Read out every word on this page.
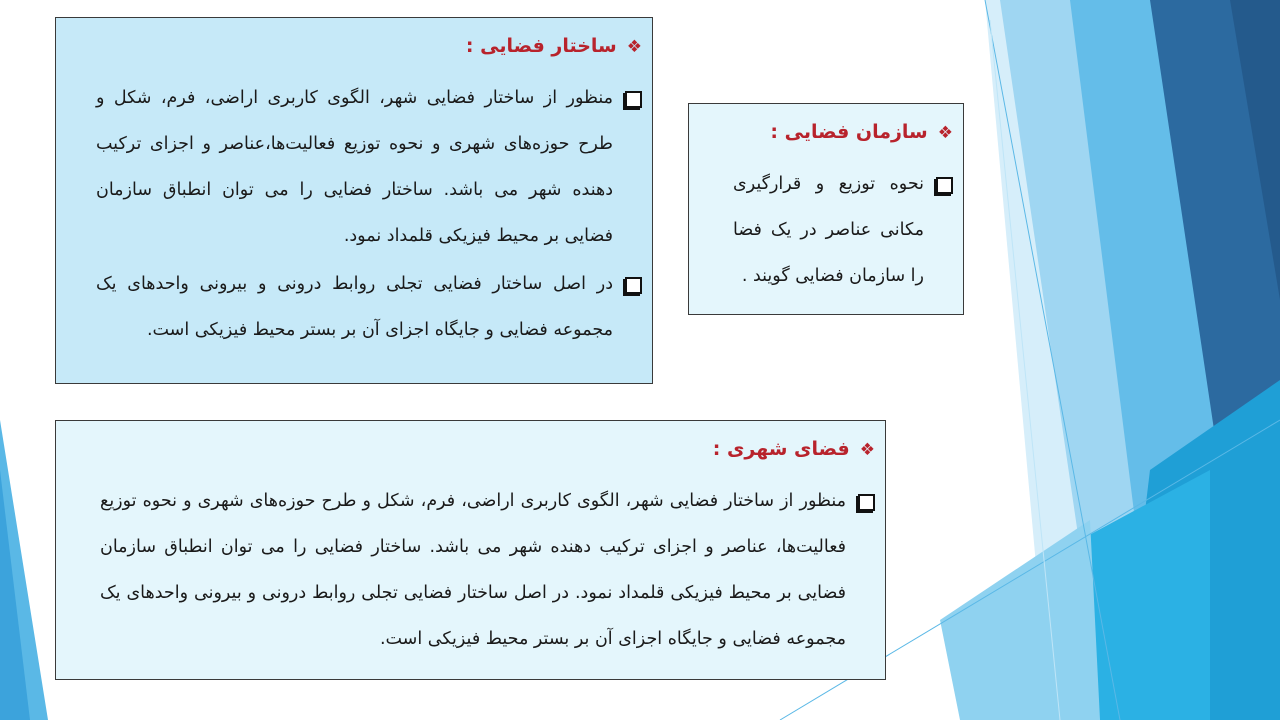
❖ساختار فضایی :
منظور از ساختار فضایی شهر، الگوی کاربری اراضی، فرم، شکل و طرح حوزه‌های شهری و نحوه توزیع فعالیت‌ها،عناصر و اجزای ترکیب دهنده شهر می باشد. ساختار فضایی را می توان انطباق سازمان فضایی بر محیط فیزیکی قلمداد نمود.
در اصل ساختار فضایی تجلی روابط درونی و بیرونی واحدهای یک مجموعه فضایی و جایگاه اجزای آن بر بستر محیط فیزیکی است.
❖سازمان فضایی :
نحوه توزیع و قرارگیری مکانی عناصر در یک فضا را سازمان فضایی گویند .
❖فضای شهری :
منظور از ساختار فضایی شهر، الگوی کاربری اراضی، فرم، شکل و طرح حوزه‌های شهری و نحوه توزیع فعالیت‌ها، عناصر و اجزای ترکیب دهنده شهر می باشد. ساختار فضایی را می توان انطباق سازمان فضایی بر محیط فیزیکی قلمداد نمود. در اصل ساختار فضایی تجلی روابط درونی و بیرونی واحدهای یک مجموعه فضایی و جایگاه اجزای آن بر بستر محیط فیزیکی است.
